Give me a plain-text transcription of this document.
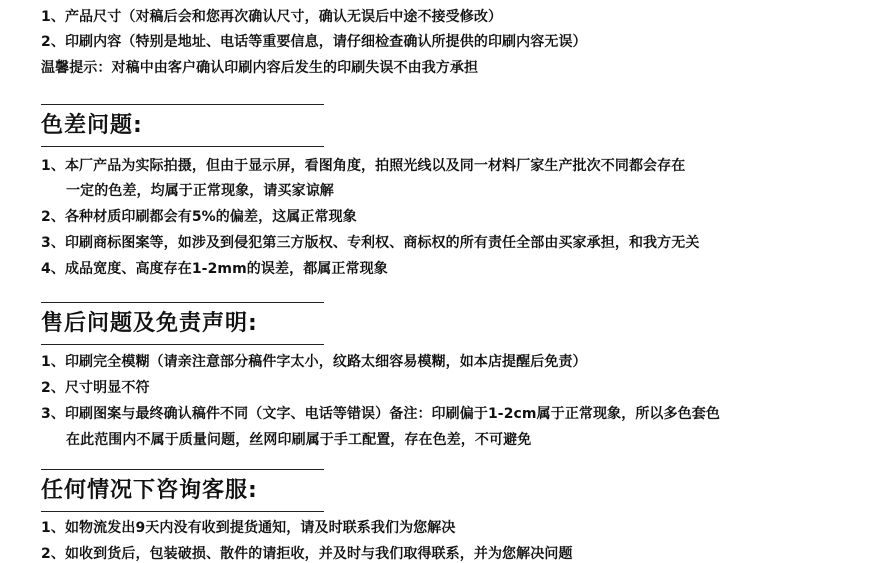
1、产品尺寸（对稿后会和您再次确认尺寸，确认无误后中途不接受修改）
2、印刷内容（特别是地址、电话等重要信息，请仔细检查确认所提供的印刷内容无误）
温馨提示：对稿中由客户确认印刷内容后发生的印刷失误不由我方承担
色差问题:
1、本厂产品为实际拍摄，但由于显示屏，看图角度，拍照光线以及同一材料厂家生产批次不同都会存在
一定的色差，均属于正常现象，请买家谅解
2、各种材质印刷都会有5%的偏差，这属正常现象
3、印刷商标图案等，如涉及到侵犯第三方版权、专利权、商标权的所有责任全部由买家承担，和我方无关
4、成品宽度、高度存在1-2mm的误差，都属正常现象
售后问题及免责声明:
1、印刷完全模糊（请亲注意部分稿件字太小，纹路太细容易模糊，如本店提醒后免责）
2、尺寸明显不符
3、印刷图案与最终确认稿件不同（文字、电话等错误）备注：印刷偏于1-2cm属于正常现象，所以多色套色
在此范围内不属于质量问题，丝网印刷属于手工配置，存在色差，不可避免
任何情况下咨询客服:
1、如物流发出9天内没有收到提货通知，请及时联系我们为您解决
2、如收到货后，包装破损、散件的请拒收，并及时与我们取得联系，并为您解决问题
